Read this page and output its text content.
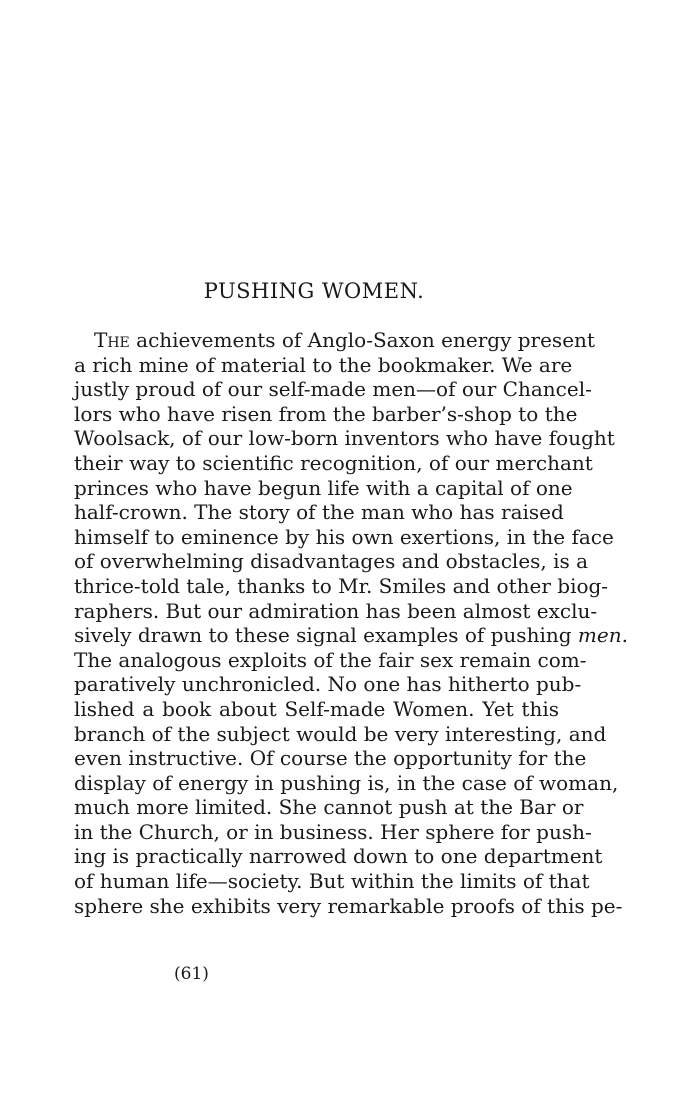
PUSHING WOMEN.
The achievements of Anglo-Saxon energy present
a rich mine of material to the bookmaker. We are
justly proud of our self-made men—of our Chancel-
lors who have risen from the barber’s-shop to the
Woolsack, of our low-born inventors who have fought
their way to scientific recognition, of our merchant
princes who have begun life with a capital of one
half-crown. The story of the man who has raised
himself to eminence by his own exertions, in the face
of overwhelming disadvantages and obstacles, is a
thrice-told tale, thanks to Mr. Smiles and other biog-
raphers. But our admiration has been almost exclu-
sively drawn to these signal examples of pushing men.
The analogous exploits of the fair sex remain com-
paratively unchronicled. No one has hitherto pub-
lished a book about Self-made Women. Yet this
branch of the subject would be very interesting, and
even instructive. Of course the opportunity for the
display of energy in pushing is, in the case of woman,
much more limited. She cannot push at the Bar or
in the Church, or in business. Her sphere for push-
ing is practically narrowed down to one department
of human life—society. But within the limits of that
sphere she exhibits very remarkable proofs of this pe-
(61)
